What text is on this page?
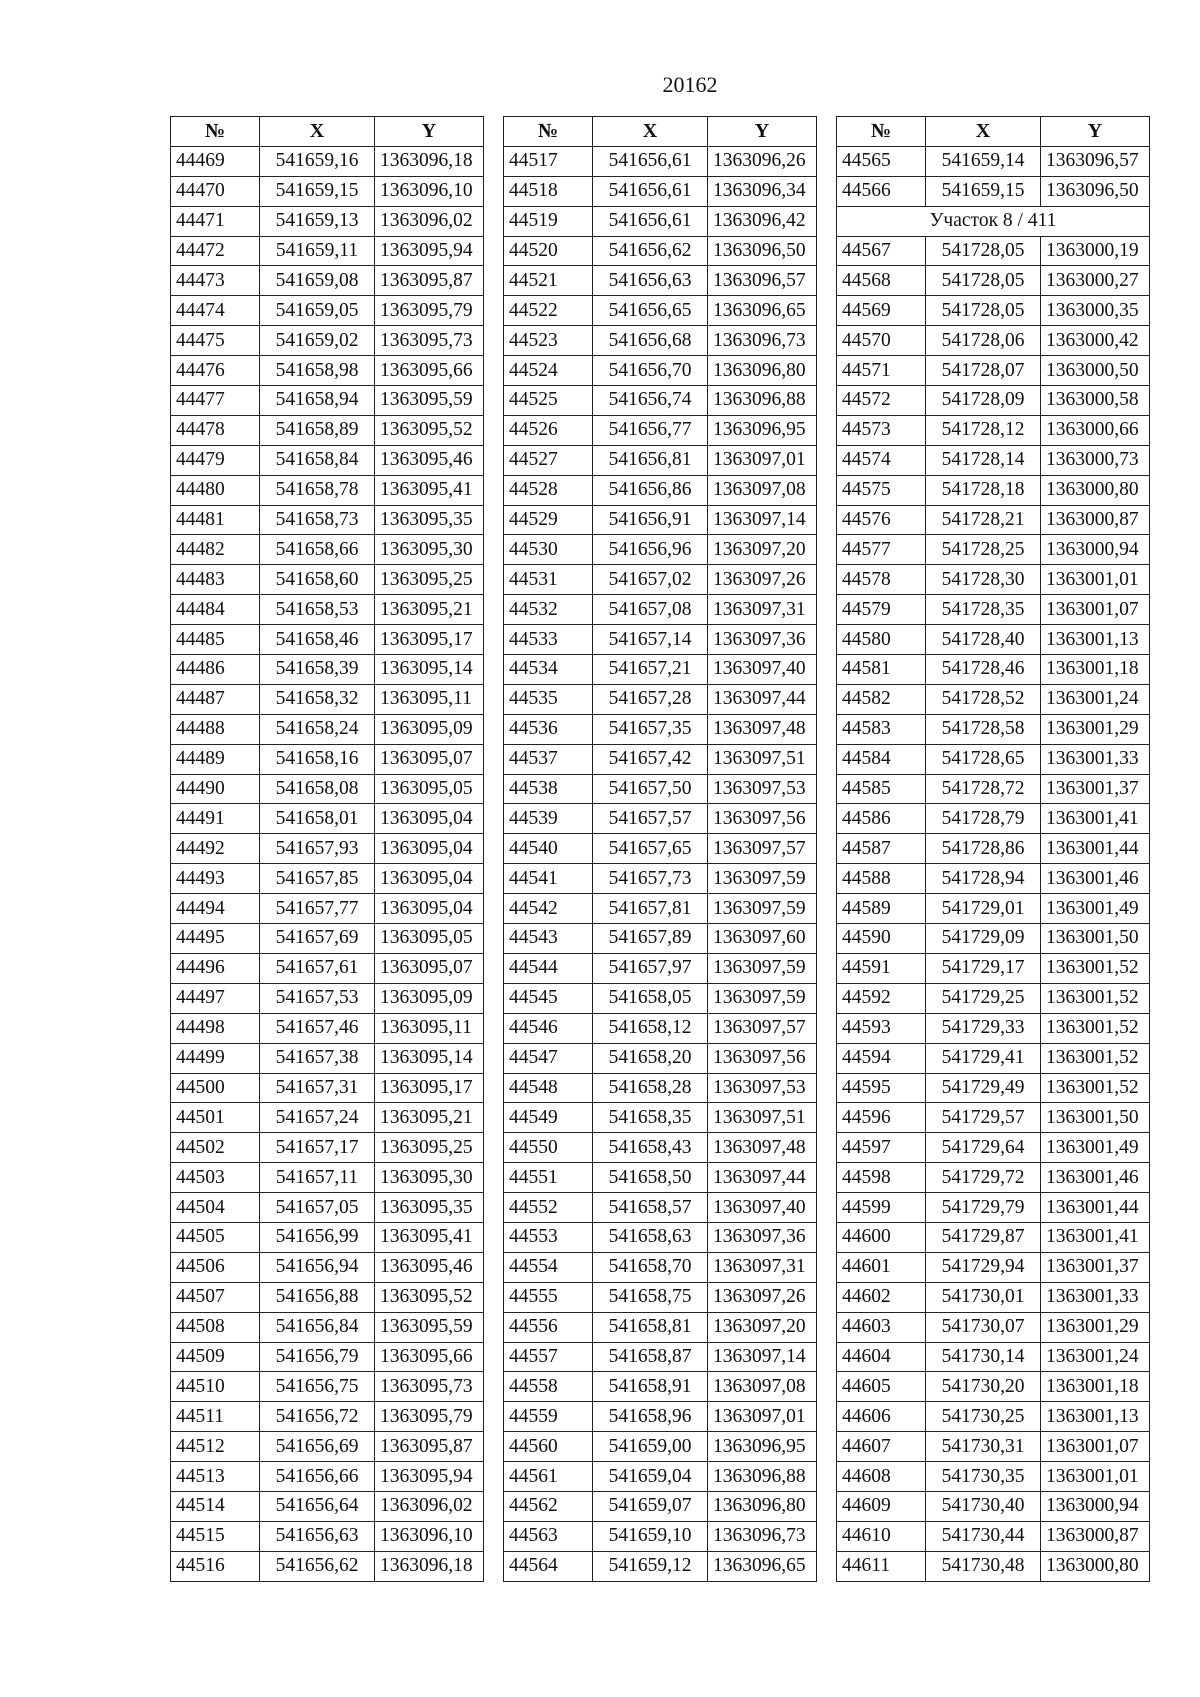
20162
№	X	Y
44469	541659,16	1363096,18
44470	541659,15	1363096,10
44471	541659,13	1363096,02
44472	541659,11	1363095,94
44473	541659,08	1363095,87
44474	541659,05	1363095,79
44475	541659,02	1363095,73
44476	541658,98	1363095,66
44477	541658,94	1363095,59
44478	541658,89	1363095,52
44479	541658,84	1363095,46
44480	541658,78	1363095,41
44481	541658,73	1363095,35
44482	541658,66	1363095,30
44483	541658,60	1363095,25
44484	541658,53	1363095,21
44485	541658,46	1363095,17
44486	541658,39	1363095,14
44487	541658,32	1363095,11
44488	541658,24	1363095,09
44489	541658,16	1363095,07
44490	541658,08	1363095,05
44491	541658,01	1363095,04
44492	541657,93	1363095,04
44493	541657,85	1363095,04
44494	541657,77	1363095,04
44495	541657,69	1363095,05
44496	541657,61	1363095,07
44497	541657,53	1363095,09
44498	541657,46	1363095,11
44499	541657,38	1363095,14
44500	541657,31	1363095,17
44501	541657,24	1363095,21
44502	541657,17	1363095,25
44503	541657,11	1363095,30
44504	541657,05	1363095,35
44505	541656,99	1363095,41
44506	541656,94	1363095,46
44507	541656,88	1363095,52
44508	541656,84	1363095,59
44509	541656,79	1363095,66
44510	541656,75	1363095,73
44511	541656,72	1363095,79
44512	541656,69	1363095,87
44513	541656,66	1363095,94
44514	541656,64	1363096,02
44515	541656,63	1363096,10
44516	541656,62	1363096,18
№	X	Y
44517	541656,61	1363096,26
44518	541656,61	1363096,34
44519	541656,61	1363096,42
44520	541656,62	1363096,50
44521	541656,63	1363096,57
44522	541656,65	1363096,65
44523	541656,68	1363096,73
44524	541656,70	1363096,80
44525	541656,74	1363096,88
44526	541656,77	1363096,95
44527	541656,81	1363097,01
44528	541656,86	1363097,08
44529	541656,91	1363097,14
44530	541656,96	1363097,20
44531	541657,02	1363097,26
44532	541657,08	1363097,31
44533	541657,14	1363097,36
44534	541657,21	1363097,40
44535	541657,28	1363097,44
44536	541657,35	1363097,48
44537	541657,42	1363097,51
44538	541657,50	1363097,53
44539	541657,57	1363097,56
44540	541657,65	1363097,57
44541	541657,73	1363097,59
44542	541657,81	1363097,59
44543	541657,89	1363097,60
44544	541657,97	1363097,59
44545	541658,05	1363097,59
44546	541658,12	1363097,57
44547	541658,20	1363097,56
44548	541658,28	1363097,53
44549	541658,35	1363097,51
44550	541658,43	1363097,48
44551	541658,50	1363097,44
44552	541658,57	1363097,40
44553	541658,63	1363097,36
44554	541658,70	1363097,31
44555	541658,75	1363097,26
44556	541658,81	1363097,20
44557	541658,87	1363097,14
44558	541658,91	1363097,08
44559	541658,96	1363097,01
44560	541659,00	1363096,95
44561	541659,04	1363096,88
44562	541659,07	1363096,80
44563	541659,10	1363096,73
44564	541659,12	1363096,65
№	X	Y
44565	541659,14	1363096,57
44566	541659,15	1363096,50
Участок 8 / 411		
44567	541728,05	1363000,19
44568	541728,05	1363000,27
44569	541728,05	1363000,35
44570	541728,06	1363000,42
44571	541728,07	1363000,50
44572	541728,09	1363000,58
44573	541728,12	1363000,66
44574	541728,14	1363000,73
44575	541728,18	1363000,80
44576	541728,21	1363000,87
44577	541728,25	1363000,94
44578	541728,30	1363001,01
44579	541728,35	1363001,07
44580	541728,40	1363001,13
44581	541728,46	1363001,18
44582	541728,52	1363001,24
44583	541728,58	1363001,29
44584	541728,65	1363001,33
44585	541728,72	1363001,37
44586	541728,79	1363001,41
44587	541728,86	1363001,44
44588	541728,94	1363001,46
44589	541729,01	1363001,49
44590	541729,09	1363001,50
44591	541729,17	1363001,52
44592	541729,25	1363001,52
44593	541729,33	1363001,52
44594	541729,41	1363001,52
44595	541729,49	1363001,52
44596	541729,57	1363001,50
44597	541729,64	1363001,49
44598	541729,72	1363001,46
44599	541729,79	1363001,44
44600	541729,87	1363001,41
44601	541729,94	1363001,37
44602	541730,01	1363001,33
44603	541730,07	1363001,29
44604	541730,14	1363001,24
44605	541730,20	1363001,18
44606	541730,25	1363001,13
44607	541730,31	1363001,07
44608	541730,35	1363001,01
44609	541730,40	1363000,94
44610	541730,44	1363000,87
44611	541730,48	1363000,80
